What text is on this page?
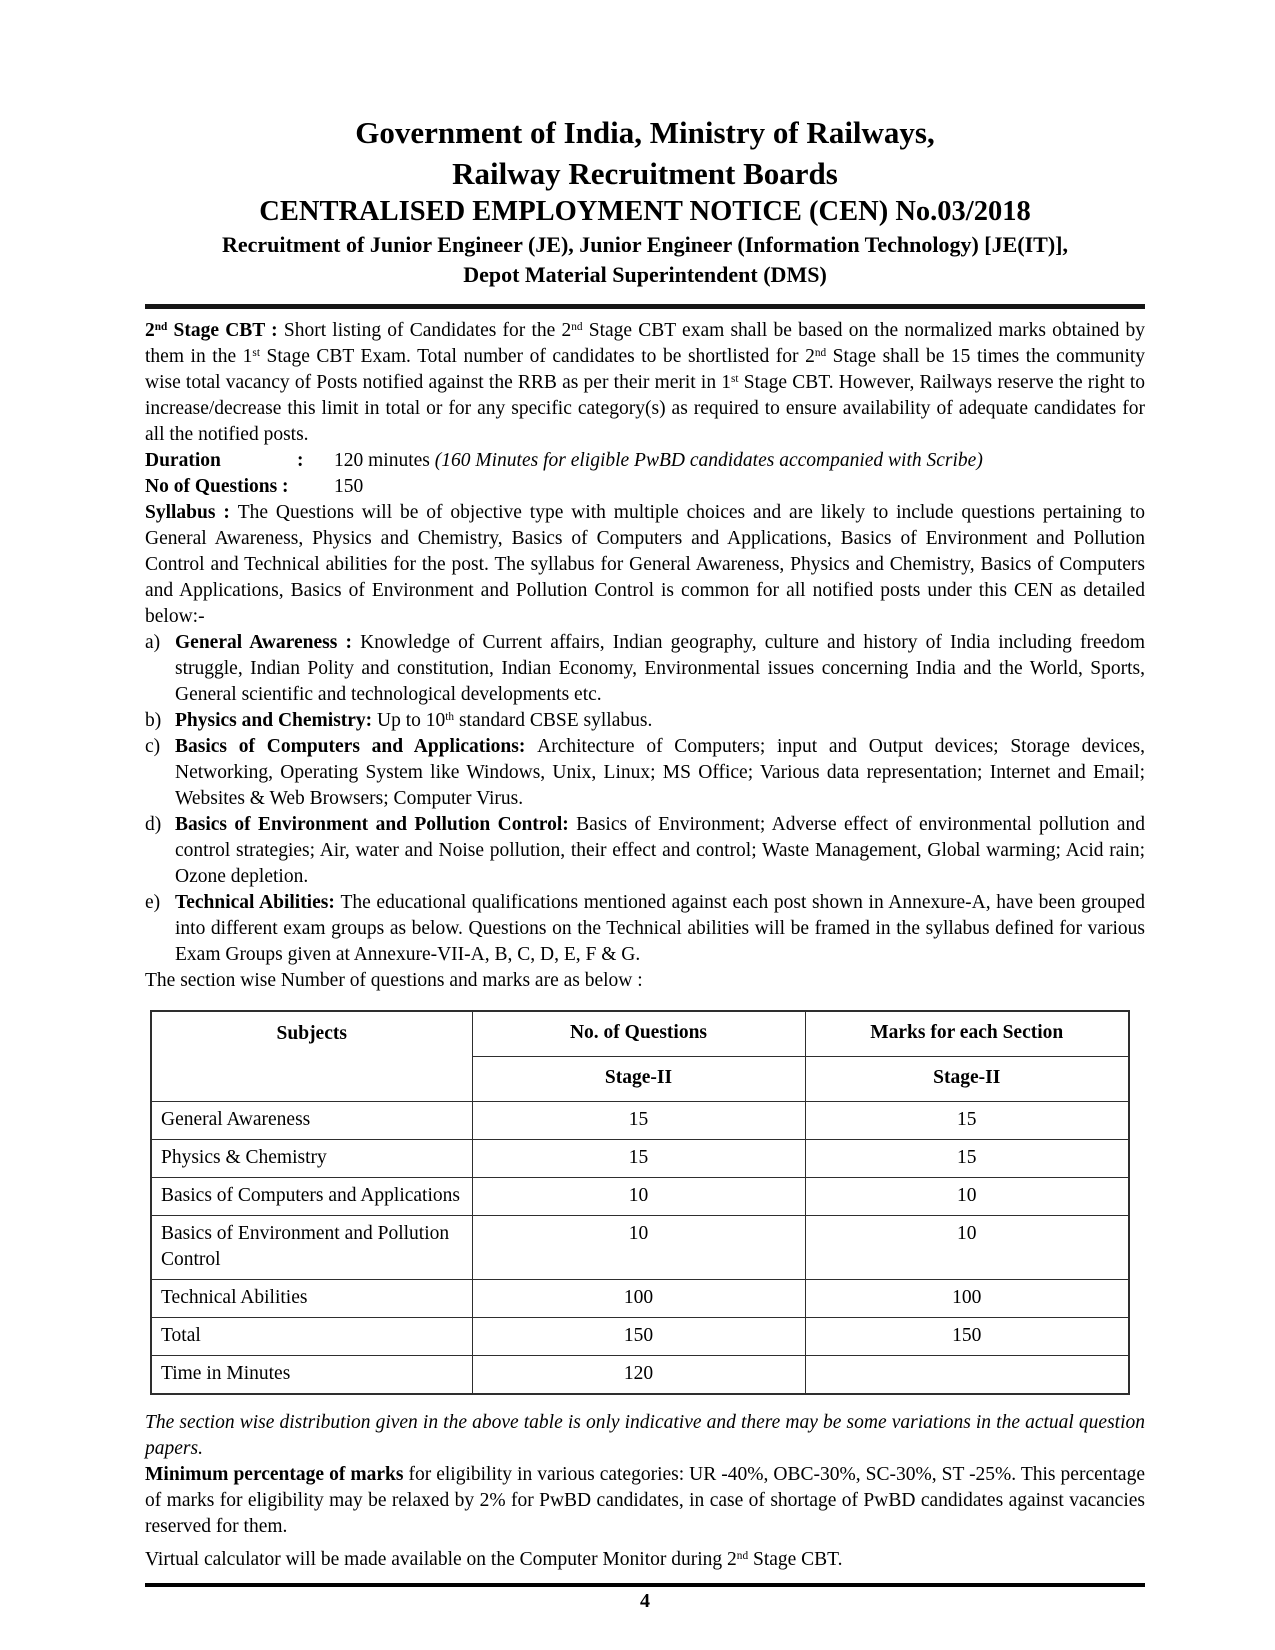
Government of India, Ministry of Railways,
Railway Recruitment Boards
CENTRALISED EMPLOYMENT NOTICE (CEN) No.03/2018
Recruitment of Junior Engineer (JE), Junior Engineer (Information Technology) [JE(IT)],
Depot Material Superintendent (DMS)

2nd Stage CBT : Short listing of Candidates for the 2nd Stage CBT exam shall be based on the normalized marks obtained by them in the 1st Stage CBT Exam. Total number of candidates to be shortlisted for 2nd Stage shall be 15 times the community wise total vacancy of Posts notified against the RRB as per their merit in 1st Stage CBT. However, Railways reserve the right to increase/decrease this limit in total or for any specific category(s) as required to ensure availability of adequate candidates for all the notified posts.

Duration	:	120 minutes (160 Minutes for eligible PwBD candidates accompanied with Scribe)
No of Questions :	150

Syllabus : The Questions will be of objective type with multiple choices and are likely to include questions pertaining to General Awareness, Physics and Chemistry, Basics of Computers and Applications, Basics of Environment and Pollution Control and Technical abilities for the post. The syllabus for General Awareness, Physics and Chemistry, Basics of Computers and Applications, Basics of Environment and Pollution Control is common for all notified posts under this CEN as detailed below:-

a) General Awareness : Knowledge of Current affairs, Indian geography, culture and history of India including freedom struggle, Indian Polity and constitution, Indian Economy, Environmental issues concerning India and the World, Sports, General scientific and technological developments etc.
b) Physics and Chemistry: Up to 10th standard CBSE syllabus.
c) Basics of Computers and Applications: Architecture of Computers; input and Output devices; Storage devices, Networking, Operating System like Windows, Unix, Linux; MS Office; Various data representation; Internet and Email; Websites & Web Browsers; Computer Virus.
d) Basics of Environment and Pollution Control: Basics of Environment; Adverse effect of environmental pollution and control strategies; Air, water and Noise pollution, their effect and control; Waste Management, Global warming; Acid rain; Ozone depletion.
e) Technical Abilities: The educational qualifications mentioned against each post shown in Annexure-A, have been grouped into different exam groups as below. Questions on the Technical abilities will be framed in the syllabus defined for various Exam Groups given at Annexure-VII-A, B, C, D, E, F & G.

The section wise Number of questions and marks are as below :

Subjects	No. of Questions	Marks for each Section
	Stage-II	Stage-II
General Awareness	15	15
Physics & Chemistry	15	15
Basics of Computers and Applications	10	10
Basics of Environment and Pollution Control	10	10
Technical Abilities	100	100
Total	150	150
Time in Minutes	120	

The section wise distribution given in the above table is only indicative and there may be some variations in the actual question papers.

Minimum percentage of marks for eligibility in various categories: UR -40%, OBC-30%, SC-30%, ST -25%. This percentage of marks for eligibility may be relaxed by 2% for PwBD candidates, in case of shortage of PwBD candidates against vacancies reserved for them.

Virtual calculator will be made available on the Computer Monitor during 2nd Stage CBT.

4
